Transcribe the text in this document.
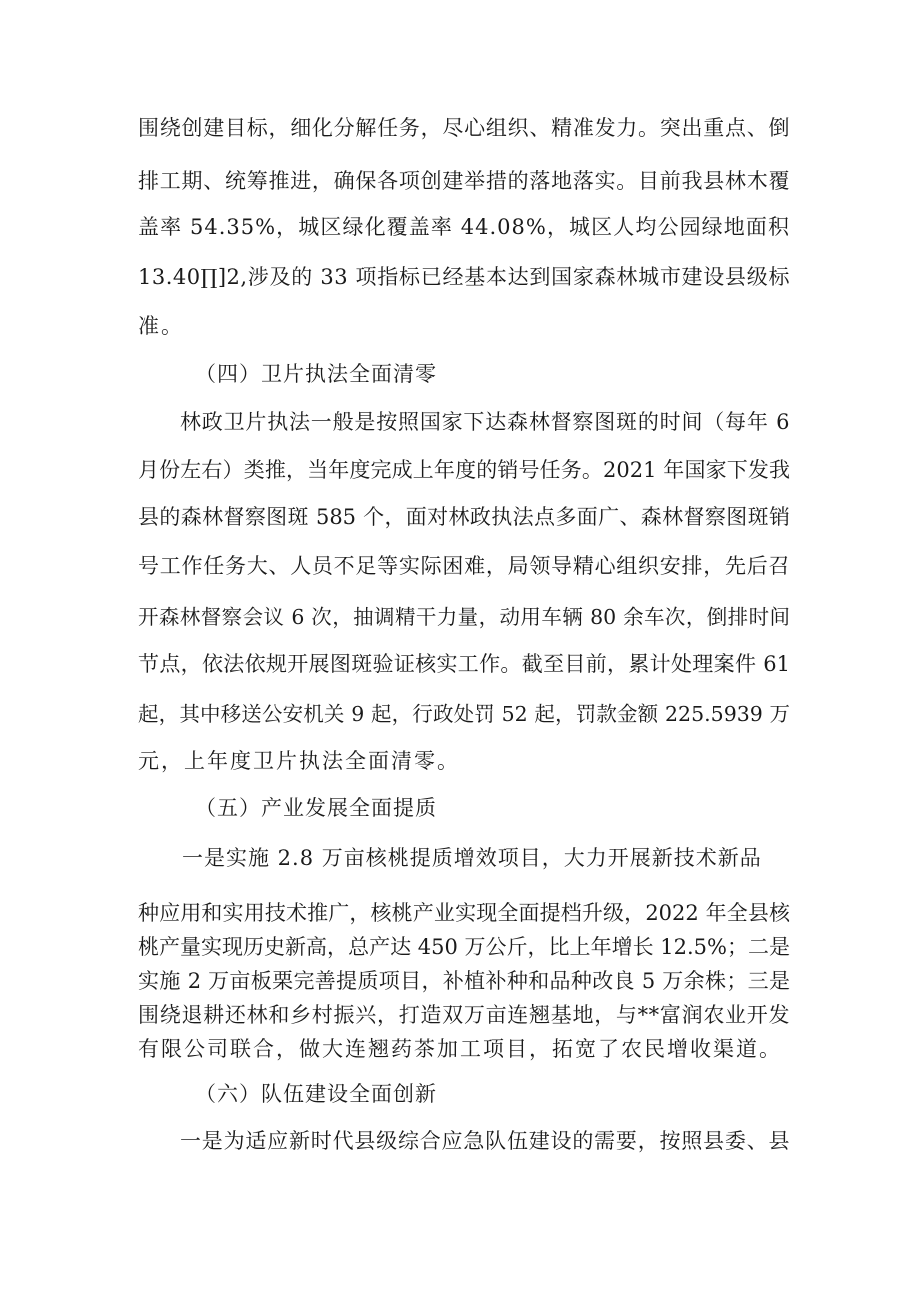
围绕创建目标，细化分解任务，尽心组织、精准发力。突出重点、倒
排工期、统筹推进，确保各项创建举措的落地落实。目前我县林木覆
盖率 54.35%，城区绿化覆盖率 44.08%，城区人均公园绿地面积
13.40∏]2,涉及的 33 项指标已经基本达到国家森林城市建设县级标
准。
（四）卫片执法全面清零
林政卫片执法一般是按照国家下达森林督察图斑的时间（每年 6
月份左右）类推，当年度完成上年度的销号任务。2021 年国家下发我
县的森林督察图斑 585 个，面对林政执法点多面广、森林督察图斑销
号工作任务大、人员不足等实际困难，局领导精心组织安排，先后召
开森林督察会议 6 次，抽调精干力量，动用车辆 80 余车次，倒排时间
节点，依法依规开展图斑验证核实工作。截至目前，累计处理案件 61
起，其中移送公安机关 9 起，行政处罚 52 起，罚款金额 225.5939 万
元，上年度卫片执法全面清零。
（五）产业发展全面提质
一是实施 2.8 万亩核桃提质增效项目，大力开展新技术新品
种应用和实用技术推广，核桃产业实现全面提档升级，2022 年全县核
桃产量实现历史新高，总产达 450 万公斤，比上年增长 12.5%；二是
实施 2 万亩板栗完善提质项目，补植补种和品种改良 5 万余株；三是
围绕退耕还林和乡村振兴，打造双万亩连翘基地，与**富润农业开发
有限公司联合，做大连翘药茶加工项目，拓宽了农民增收渠道。
（六）队伍建设全面创新
一是为适应新时代县级综合应急队伍建设的需要，按照县委、县
